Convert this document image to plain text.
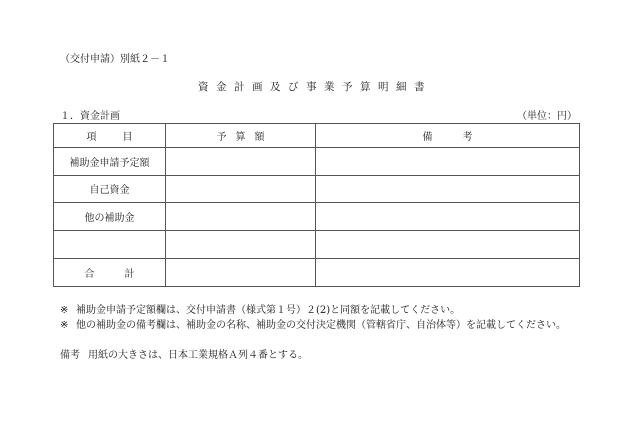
（交付申請）別紙２－１
資金計画及び事業予算明細書
１．資金計画	（単位：円）
項目	予算額	備考
補助金申請予定額		
自己資金		
他の補助金		

合計		
※ 補助金申請予定額欄は、交付申請書（様式第１号）２(2)と同額を記載してください。
※ 他の補助金の備考欄は、補助金の名称、補助金の交付決定機関（管轄省庁、自治体等）を記載してください。
備考 用紙の大きさは、日本工業規格Ａ列４番とする。
